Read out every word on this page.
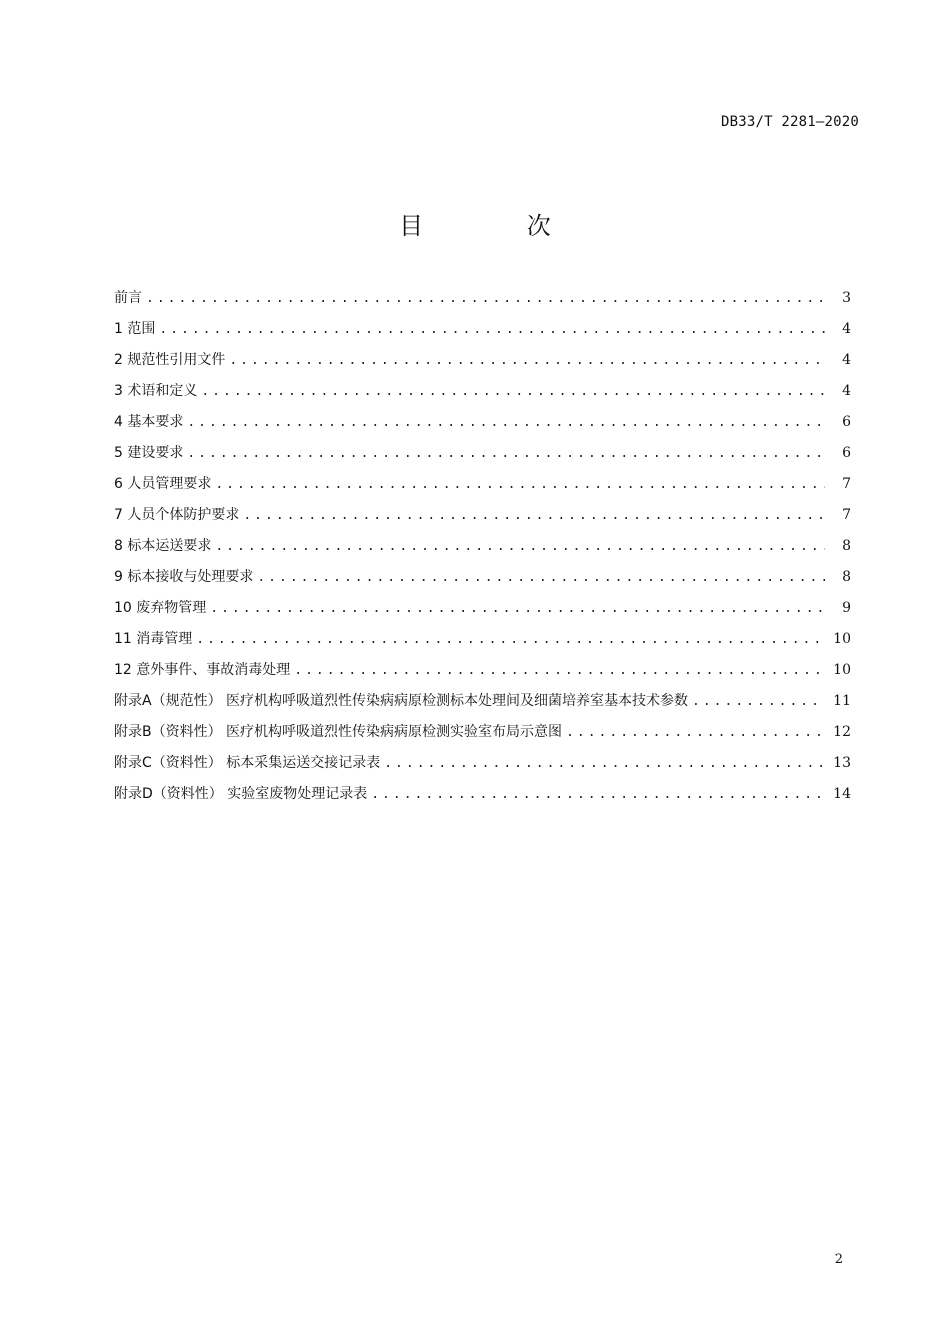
DB33/T 2281—2020
目 次
前言 .....	3
1 范围 .....	4
2 规范性引用文件 .....	4
3 术语和定义 .....	4
4 基本要求 .....	6
5 建设要求 .....	6
6 人员管理要求 .....	7
7 人员个体防护要求 .....	7
8 标本运送要求 .....	8
9 标本接收与处理要求 .....	8
10 废弃物管理 .....	9
11 消毒管理 .....	10
12 意外事件、事故消毒处理 .....	10
附录A（规范性） 医疗机构呼吸道烈性传染病病原检测标本处理间及细菌培养室基本技术参数 .....	11
附录B（资料性） 医疗机构呼吸道烈性传染病病原检测实验室布局示意图 .....	12
附录C（资料性） 标本采集运送交接记录表 .....	13
附录D（资料性） 实验室废物处理记录表 .....	14
2
